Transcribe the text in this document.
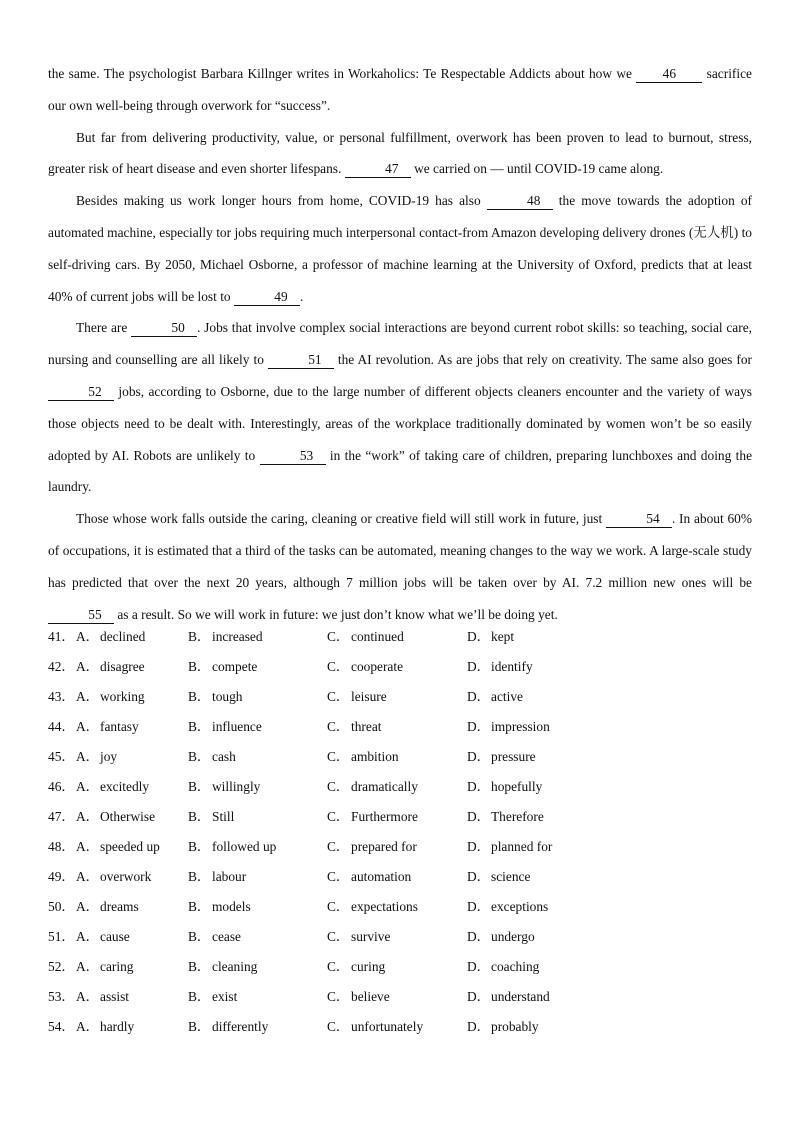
the same. The psychologist Barbara Killnger writes in Workaholics: Te Respectable Addicts about how we 46 sacrifice our own well-being through overwork for “success”.

But far from delivering productivity, value, or personal fulfillment, overwork has been proven to lead to burnout, stress, greater risk of heart disease and even shorter lifespans.	47 we carried on — until COVID-19 came along.

Besides making us work longer hours from home, COVID-19 has also	48 the move towards the adoption of automated machine, especially tor jobs requiring much interpersonal contact-from Amazon developing delivery drones (无人机) to self-driving cars. By 2050, Michael Osborne, a professor of machine learning at the University of Oxford, predicts that at least 40% of current jobs will be lost to	49 .

There are	50 . Jobs that involve complex social interactions are beyond current robot skills: so teaching, social care, nursing and counselling are all likely to	51 the AI revolution. As are jobs that rely on creativity. The same also goes for 52 jobs, according to Osborne, due to the large number of different objects cleaners encounter and the variety of ways those objects need to be dealt with. Interestingly, areas of the workplace traditionally dominated by women won’t be so easily adopted by AI. Robots are unlikely to	53 in the “work” of taking care of children, preparing lunchboxes and doing the laundry.

Those whose work falls outside the caring, cleaning or creative field will still work in future, just	54 . In about 60% of occupations, it is estimated that a third of the tasks can be automated, meaning changes to the way we work. A large-scale study has predicted that over the next 20 years, although 7 million jobs will be taken over by AI. 7.2 million new ones will be 55 as a result. So we will work in future: we just don’t know what we’ll be doing yet.

41． A．declined	B． increased	C． continued	D．kept
42． A．disagree	B． compete	C． cooperate	D．identify
43． A．working	B． tough	C． leisure	D．active
44． A．fantasy	B． influence	C． threat	D．impression
45． A．joy	B． cash	C． ambition	D．pressure
46． A．excitedly	B． willingly	C． dramatically	D．hopefully
47． A．Otherwise B． Still	C． Furthermore	D．Therefore
48． A．speeded up B． followed up	C． prepared for	D．planned for
49． A．overwork	B． labour	C． automation	D．science
50． A．dreams	B． models	C． expectations	D．exceptions
51． A．cause	B． cease	C． survive	D．undergo
52． A．caring	B． cleaning	C． curing	D．coaching
53． A．assist	B． exist	C． believe	D．understand
54． A．hardly	B． differently	C． unfortunately	D．probably
